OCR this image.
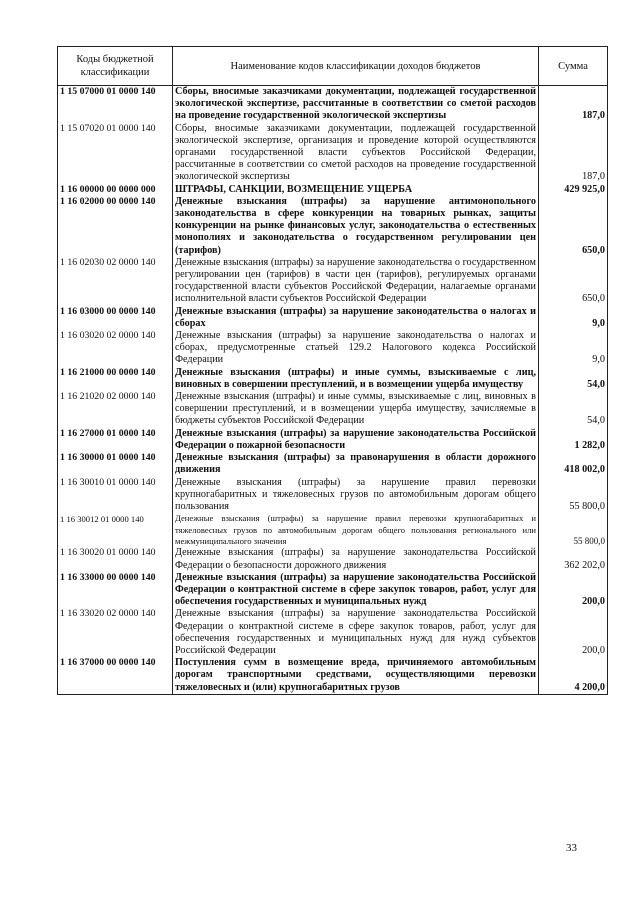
Коды бюджетной классификации	Наименование кодов классификации доходов бюджетов	Сумма
1 15 07000 01 0000 140	Сборы, вносимые заказчиками документации, подлежащей государственной экологической экспертизе, рассчитанные в соответствии со сметой расходов на проведение государственной экологической экспертизы	187,0
1 15 07020 01 0000 140	Сборы, вносимые заказчиками документации, подлежащей государственной экологической экспертизе, организация и проведение которой осуществляются органами государственной власти субъектов Российской Федерации, рассчитанные в соответствии со сметой расходов на проведение государственной экологической экспертизы	187,0
1 16 00000 00 0000 000	ШТРАФЫ, САНКЦИИ, ВОЗМЕЩЕНИЕ УЩЕРБА	429 925,0
1 16 02000 00 0000 140	Денежные взыскания (штрафы) за нарушение антимонопольного законодательства в сфере конкуренции на товарных рынках, защиты конкуренции на рынке финансовых услуг, законодательства о естественных монополиях и законодательства о государственном регулировании цен (тарифов)	650,0
1 16 02030 02 0000 140	Денежные взыскания (штрафы) за нарушение законодательства о государственном регулировании цен (тарифов) в части цен (тарифов), регулируемых органами государственной власти субъектов Российской Федерации, налагаемые органами исполнительной власти субъектов Российской Федерации	650,0
1 16 03000 00 0000 140	Денежные взыскания (штрафы) за нарушение законодательства о налогах и сборах	9,0
1 16 03020 02 0000 140	Денежные взыскания (штрафы) за нарушение законодательства о налогах и сборах, предусмотренные статьей 129.2 Налогового кодекса Российской Федерации	9,0
1 16 21000 00 0000 140	Денежные взыскания (штрафы) и иные суммы, взыскиваемые с лиц, виновных в совершении преступлений, и в возмещении ущерба имуществу	54,0
1 16 21020 02 0000 140	Денежные взыскания (штрафы) и иные суммы, взыскиваемые с лиц, виновных в совершении преступлений, и в возмещении ущерба имуществу, зачисляемые в бюджеты субъектов Российской Федерации	54,0
1 16 27000 01 0000 140	Денежные взыскания (штрафы) за нарушение законодательства Российской Федерации о пожарной безопасности	1 282,0
1 16 30000 01 0000 140	Денежные взыскания (штрафы) за правонарушения в области дорожного движения	418 002,0
1 16 30010 01 0000 140	Денежные взыскания (штрафы) за нарушение правил перевозки крупногабаритных и тяжеловесных грузов по автомобильным дорогам общего пользования	55 800,0
1 16 30012 01 0000 140	Денежные взыскания (штрафы) за нарушение правил перевозки крупногабаритных и тяжеловесных грузов по автомобильным дорогам общего пользования регионального или межмуниципального значения	55 800,0
1 16 30020 01 0000 140	Денежные взыскания (штрафы) за нарушение законодательства Российской Федерации о безопасности дорожного движения	362 202,0
1 16 33000 00 0000 140	Денежные взыскания (штрафы) за нарушение законодательства Российской Федерации о контрактной системе в сфере закупок товаров, работ, услуг для обеспечения государственных и муниципальных нужд	200,0
1 16 33020 02 0000 140	Денежные взыскания (штрафы) за нарушение законодательства Российской Федерации о контрактной системе в сфере закупок товаров, работ, услуг для обеспечения государственных и муниципальных нужд для нужд субъектов Российской Федерации	200,0
1 16 37000 00 0000 140	Поступления сумм в возмещение вреда, причиняемого автомобильным дорогам транспортными средствами, осуществляющими перевозки тяжеловесных и (или) крупногабаритных грузов	4 200,0
33
